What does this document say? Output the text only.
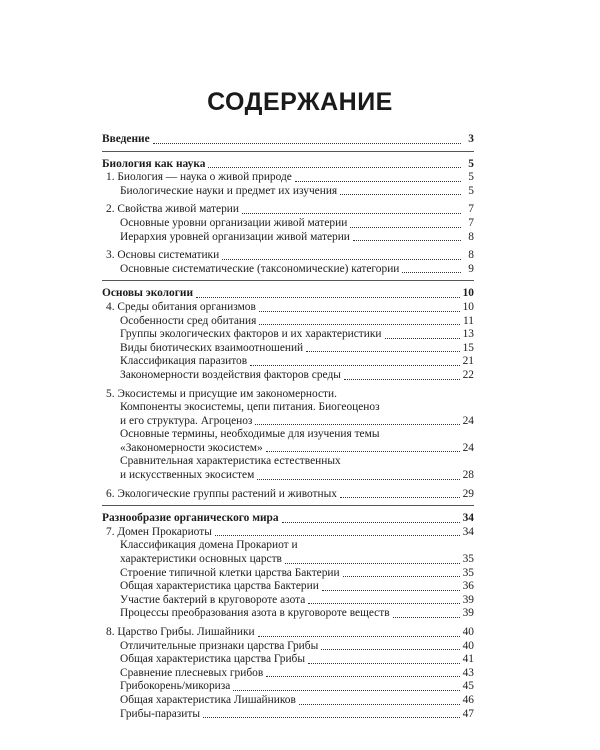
СОДЕРЖАНИЕ
Введение	3
Биология как наука	5
1. Биология — наука о живой природе	5
Биологические науки и предмет их изучения	5
2. Свойства живой материи	7
Основные уровни организации живой материи	7
Иерархия уровней организации живой материи	8
3. Основы систематики	8
Основные систематические (таксономические) категории	9
Основы экологии	10
4. Среды обитания организмов	10
Особенности сред обитания	11
Группы экологических факторов и их характеристики	13
Виды биотических взаимоотношений	15
Классификация паразитов	21
Закономерности воздействия факторов среды	22
5. Экосистемы и присущие им закономерности.
Компоненты экосистемы, цепи питания. Биогеоценоз
и его структура. Агроценоз	24
Основные термины, необходимые для изучения темы
«Закономерности экосистем»	24
Сравнительная характеристика естественных
и искусственных экосистем	28
6. Экологические группы растений и животных	29
Разнообразие органического мира	34
7. Домен Прокариоты	34
Классификация домена Прокариот и
характеристики основных царств	35
Строение типичной клетки царства Бактерии	35
Общая характеристика царства Бактерии	36
Участие бактерий в круговороте азота	39
Процессы преобразования азота в круговороте веществ	39
8. Царство Грибы. Лишайники	40
Отличительные признаки царства Грибы	40
Общая характеристика царства Грибы	41
Сравнение плесневых грибов	43
Грибокорень/микориза	45
Общая характеристика Лишайников	46
Грибы-паразиты	47
